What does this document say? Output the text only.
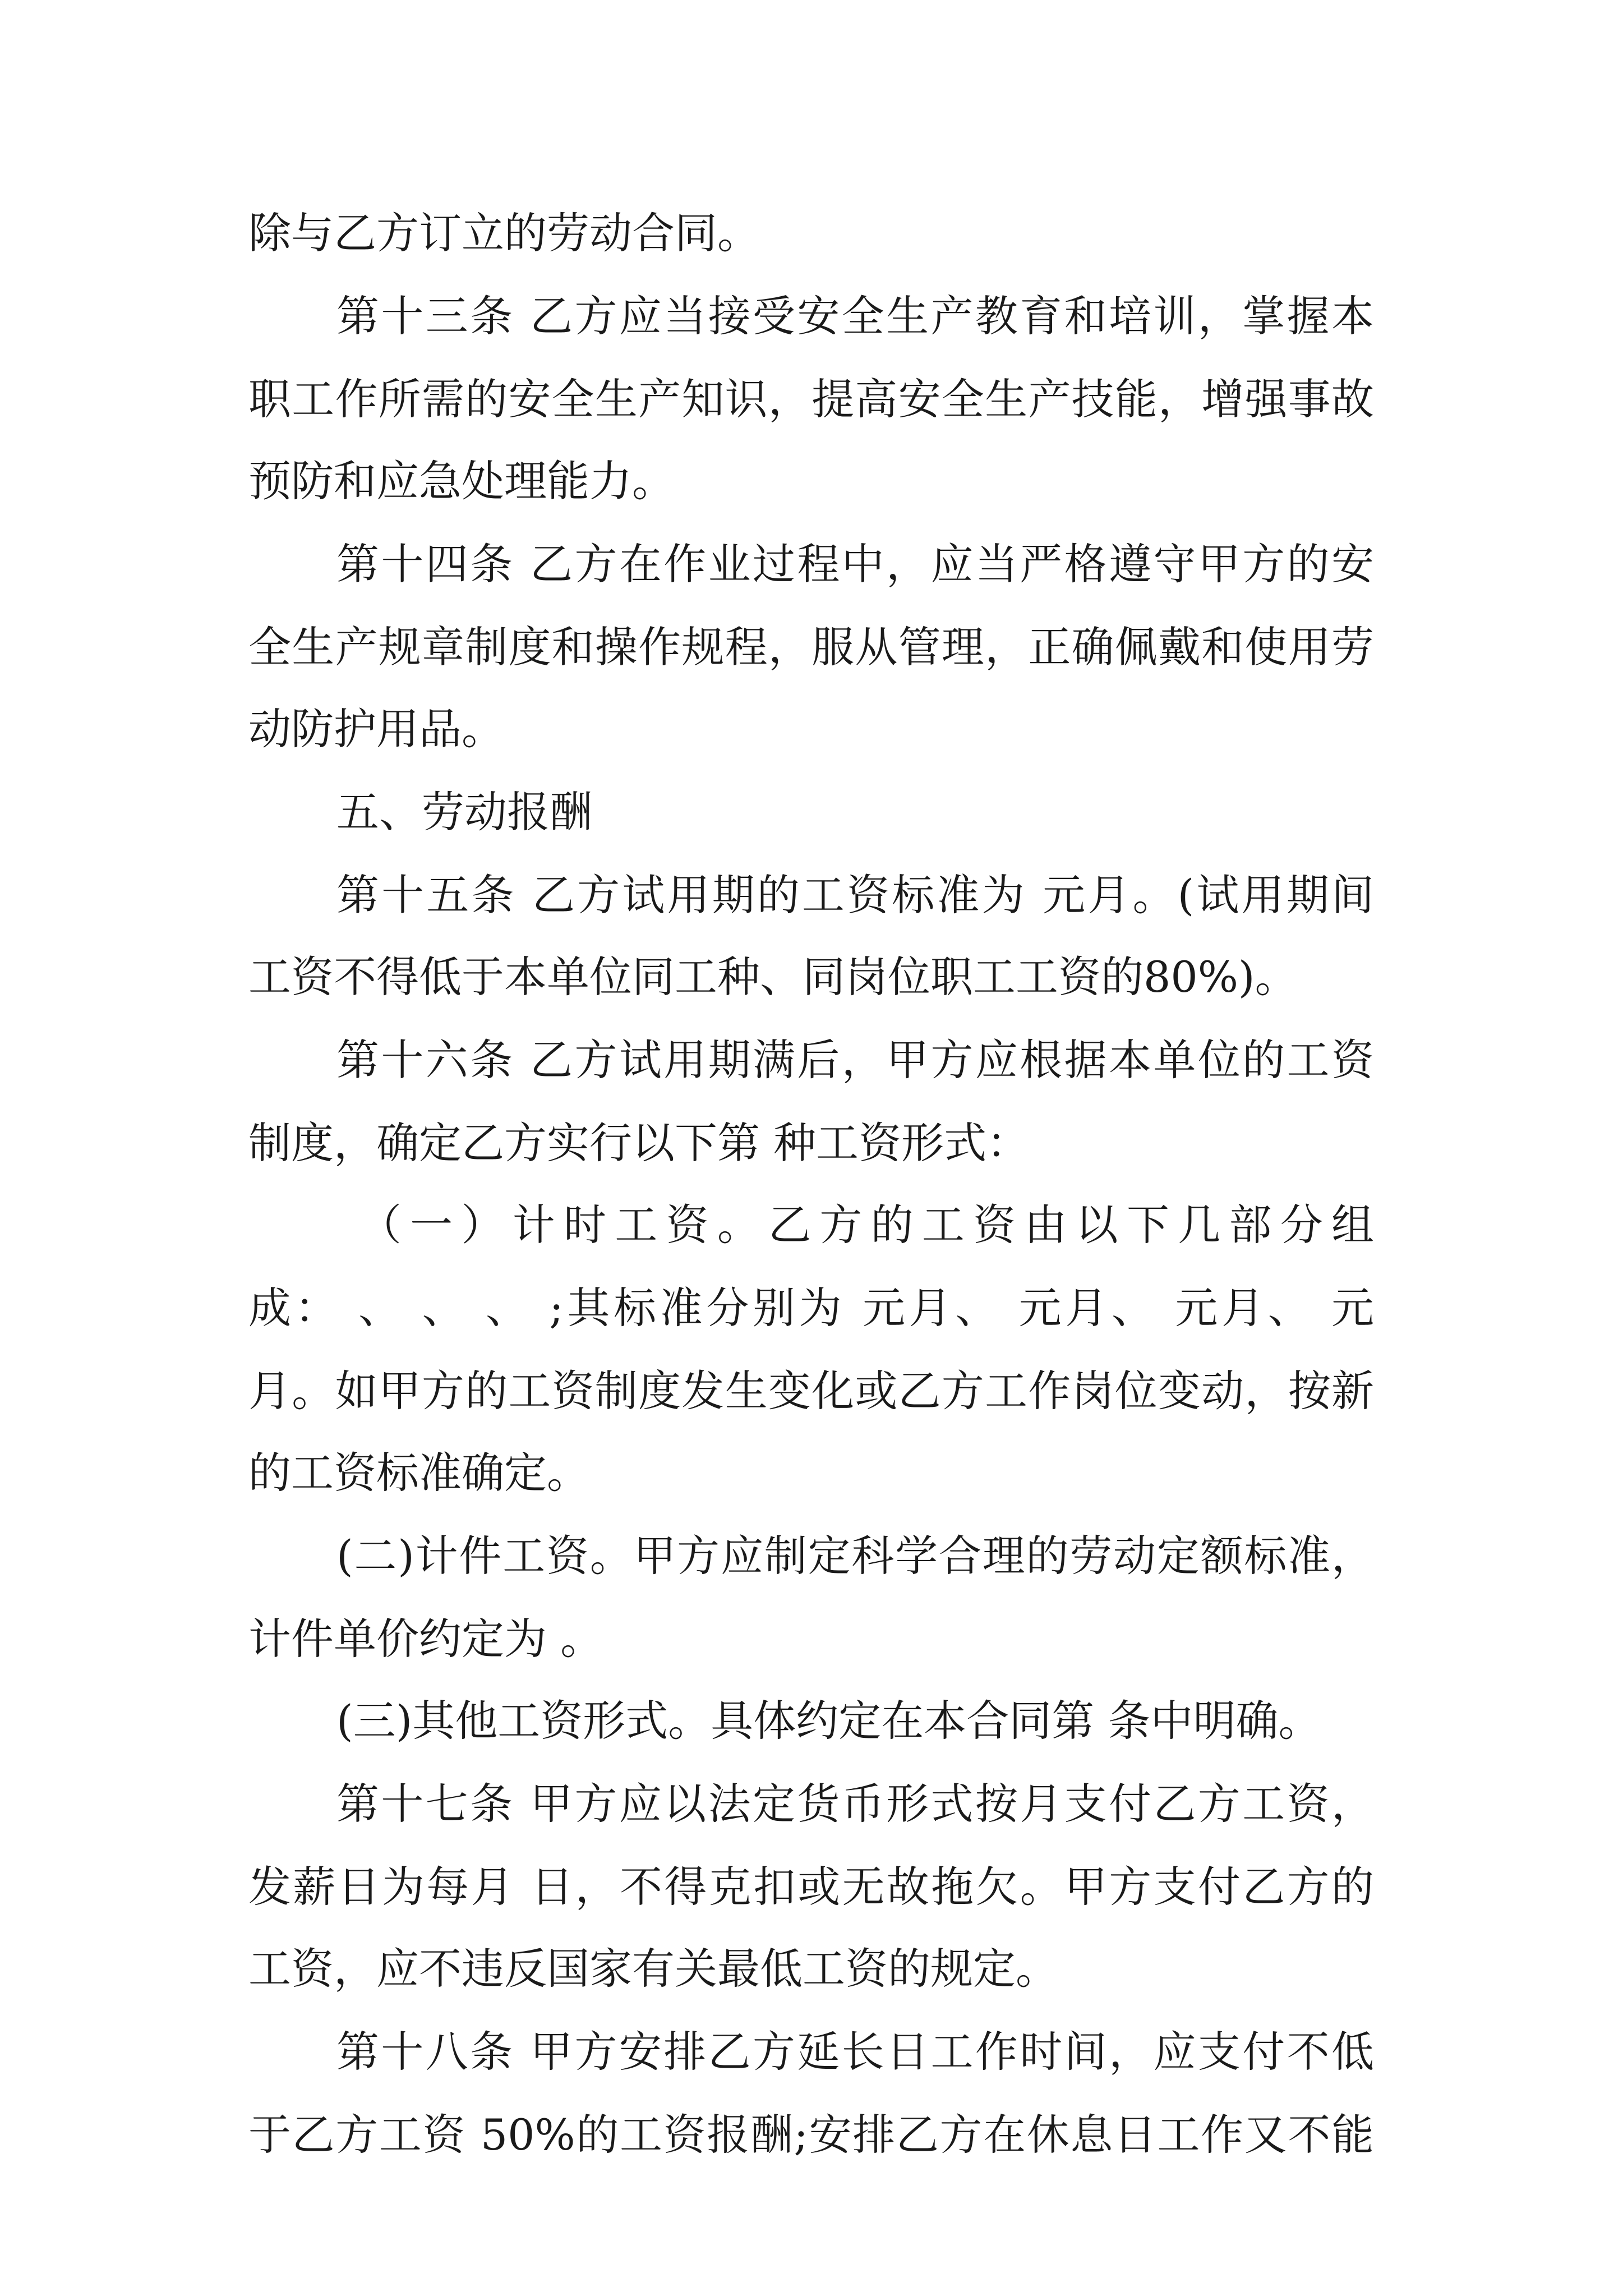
除与乙方订立的劳动合同。
第十三条 乙方应当接受安全生产教育和培训，掌握本
职工作所需的安全生产知识，提高安全生产技能，增强事故
预防和应急处理能力。
第十四条 乙方在作业过程中，应当严格遵守甲方的安
全生产规章制度和操作规程，服从管理，正确佩戴和使用劳
动防护用品。
五、劳动报酬
第十五条 乙方试用期的工资标准为 元月。(试用期间
工资不得低于本单位同工种、同岗位职工工资的80%)。
第十六条 乙方试用期满后，甲方应根据本单位的工资
制度，确定乙方实行以下第 种工资形式：
（一）计时工资。乙方的工资由以下几部分组
成： 、 、 、 ;其标准分别为 元月、 元月、 元月、 元
月。如甲方的工资制度发生变化或乙方工作岗位变动，按新
的工资标准确定。
(二)计件工资。甲方应制定科学合理的劳动定额标准，
计件单价约定为 。
(三)其他工资形式。具体约定在本合同第 条中明确。
第十七条 甲方应以法定货币形式按月支付乙方工资，
发薪日为每月 日，不得克扣或无故拖欠。甲方支付乙方的
工资，应不违反国家有关最低工资的规定。
第十八条 甲方安排乙方延长日工作时间，应支付不低
于乙方工资 50%的工资报酬;安排乙方在休息日工作又不能
